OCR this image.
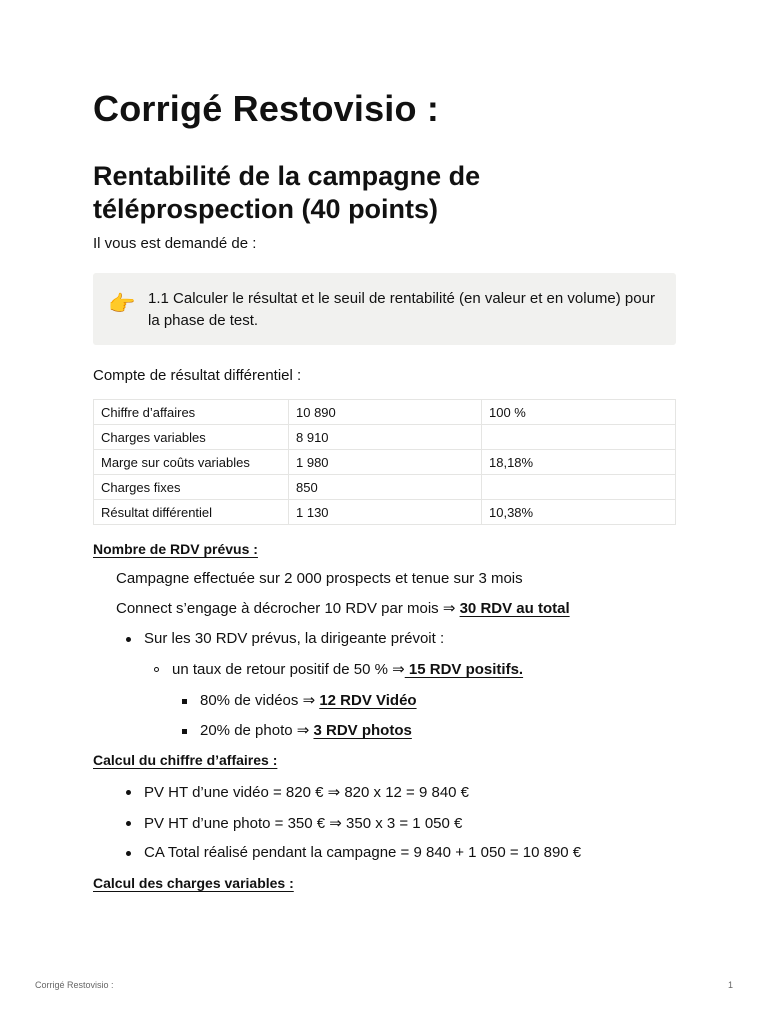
Corrigé Restovisio :
Rentabilité de la campagne de téléprospection (40 points)
Il vous est demandé de :
👉 1.1 Calculer le résultat et le seuil de rentabilité (en valeur et en volume) pour la phase de test.
Compte de résultat différentiel :
Chiffre d’affaires	10 890	100 %
Charges variables	8 910	
Marge sur coûts variables	1 980	18,18%
Charges fixes	850	
Résultat différentiel	1 130	10,38%
Nombre de RDV prévus :
Campagne effectuée sur 2 000 prospects et tenue sur 3 mois
Connect s’engage à décrocher 10 RDV par mois ⇒ 30 RDV au total
Sur les 30 RDV prévus, la dirigeante prévoit :
un taux de retour positif de 50 % ⇒ 15 RDV positifs.
80% de vidéos ⇒ 12 RDV Vidéo
20% de photo ⇒ 3 RDV photos
Calcul du chiffre d’affaires :
PV HT d’une vidéo = 820 € ⇒ 820 x 12 = 9 840 €
PV HT d’une photo = 350 € ⇒ 350 x 3 = 1 050 €
CA Total réalisé pendant la campagne = 9 840 + 1 050 = 10 890 €
Calcul des charges variables :
Corrigé Restovisio :	1
